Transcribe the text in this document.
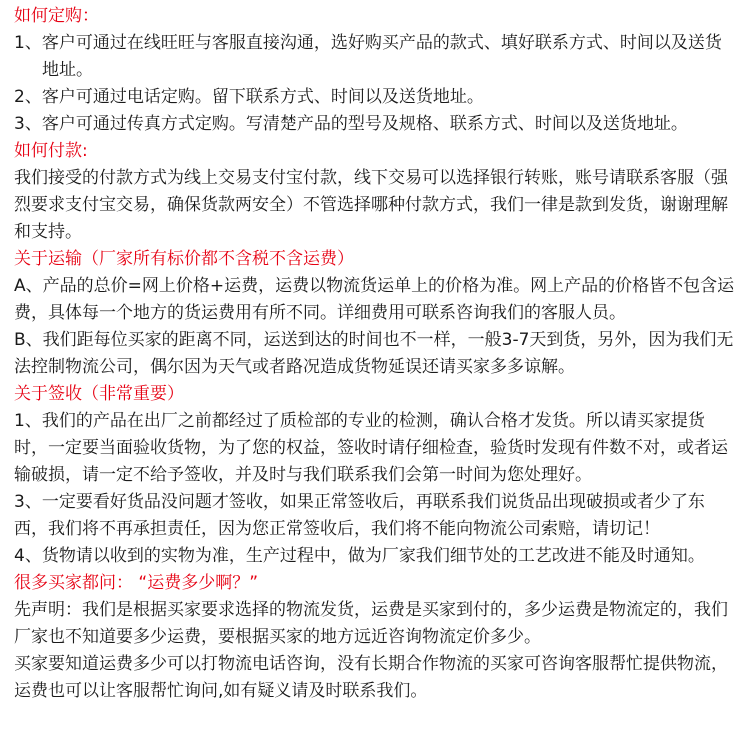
如何定购：

1、客户可通过在线旺旺与客服直接沟通，选好购买产品的款式、填好联系方式、时间以及送货地址。

2、客户可通过电话定购。留下联系方式、时间以及送货地址。

3、客户可通过传真方式定购。写清楚产品的型号及规格、联系方式、时间以及送货地址。

如何付款:

我们接受的付款方式为线上交易支付宝付款，线下交易可以选择银行转账，账号请联系客服（强烈要求支付宝交易，确保货款两安全）不管选择哪种付款方式，我们一律是款到发货，谢谢理解和支持。

关于运输（厂家所有标价都不含税不含运费）

A、产品的总价=网上价格+运费，运费以物流货运单上的价格为准。网上产品的价格皆不包含运费，具体每一个地方的货运费用有所不同。详细费用可联系咨询我们的客服人员。

B、我们距每位买家的距离不同，运送到达的时间也不一样，一般3-7天到货，另外，因为我们无法控制物流公司，偶尔因为天气或者路况造成货物延误还请买家多多谅解。

关于签收（非常重要）

1、我们的产品在出厂之前都经过了质检部的专业的检测，确认合格才发货。所以请买家提货时，一定要当面验收货物，为了您的权益，签收时请仔细检查，验货时发现有件数不对，或者运输破损，请一定不给予签收，并及时与我们联系我们会第一时间为您处理好。

3、一定要看好货品没问题才签收，如果正常签收后，再联系我们说货品出现破损或者少了东西，我们将不再承担责任，因为您正常签收后，我们将不能向物流公司索赔，请切记！

4、货物请以收到的实物为准，生产过程中，做为厂家我们细节处的工艺改进不能及时通知。

很多买家都问： “运费多少啊？”

先声明：我们是根据买家要求选择的物流发货，运费是买家到付的，多少运费是物流定的，我们厂家也不知道要多少运费，要根据买家的地方远近咨询物流定价多少。

买家要知道运费多少可以打物流电话咨询，没有长期合作物流的买家可咨询客服帮忙提供物流，运费也可以让客服帮忙询问,如有疑义请及时联系我们。
